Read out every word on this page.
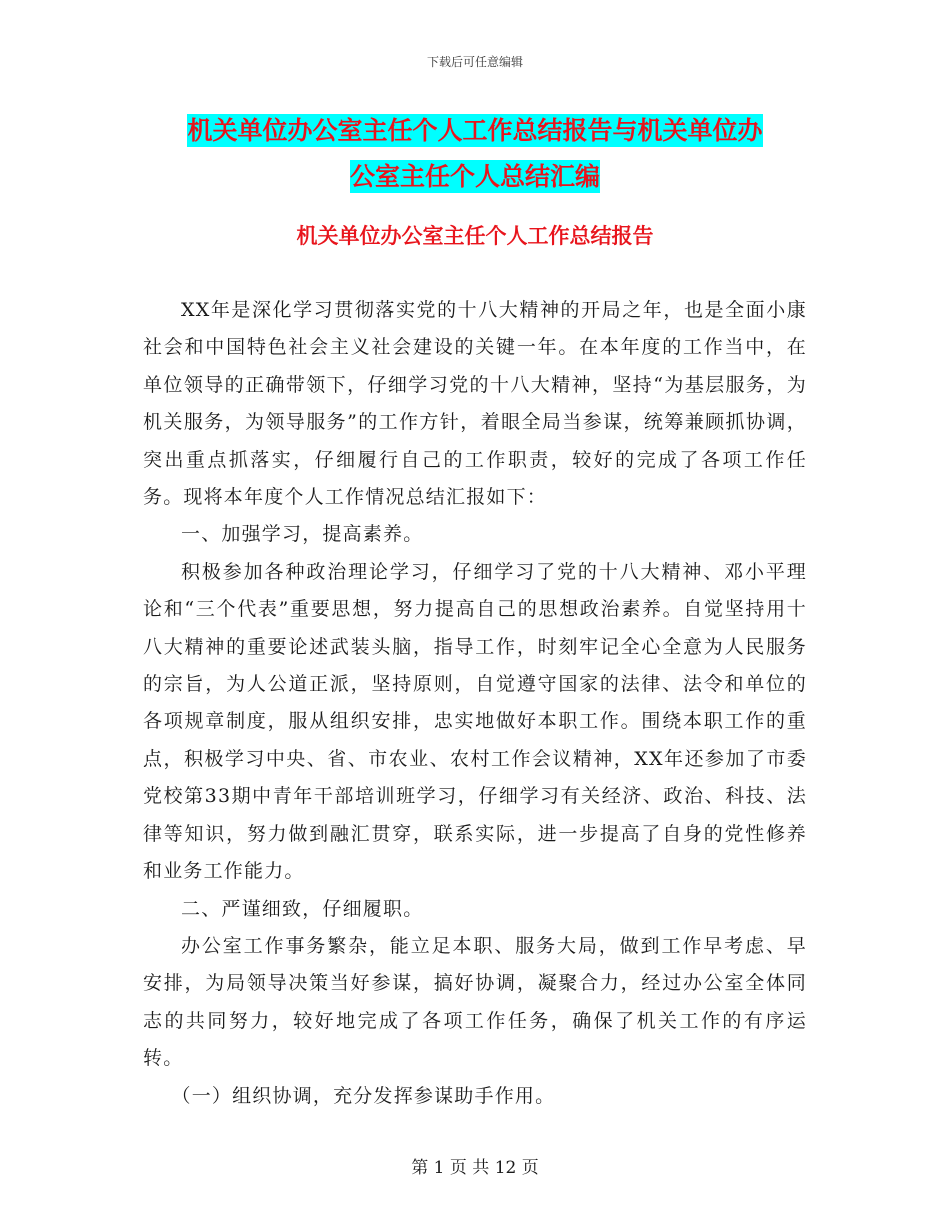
下载后可任意编辑
机关单位办公室主任个人工作总结报告与机关单位办
公室主任个人总结汇编
机关单位办公室主任个人工作总结报告

XX年是深化学习贯彻落实党的十八大精神的开局之年，也是全面小康社会和中国特色社会主义社会建设的关键一年。在本年度的工作当中，在单位领导的正确带领下，仔细学习党的十八大精神，坚持“为基层服务，为机关服务，为领导服务”的工作方针，着眼全局当参谋，统筹兼顾抓协调，突出重点抓落实，仔细履行自己的工作职责，较好的完成了各项工作任务。现将本年度个人工作情况总结汇报如下：

一、加强学习，提高素养。

积极参加各种政治理论学习，仔细学习了党的十八大精神、邓小平理论和“三个代表”重要思想，努力提高自己的思想政治素养。自觉坚持用十八大精神的重要论述武装头脑，指导工作，时刻牢记全心全意为人民服务的宗旨，为人公道正派，坚持原则，自觉遵守国家的法律、法令和单位的各项规章制度，服从组织安排，忠实地做好本职工作。围绕本职工作的重点，积极学习中央、省、市农业、农村工作会议精神，XX年还参加了市委党校第33期中青年干部培训班学习，仔细学习有关经济、政治、科技、法律等知识，努力做到融汇贯穿，联系实际，进一步提高了自身的党性修养和业务工作能力。

二、严谨细致，仔细履职。

办公室工作事务繁杂，能立足本职、服务大局，做到工作早考虑、早安排，为局领导决策当好参谋，搞好协调，凝聚合力，经过办公室全体同志的共同努力，较好地完成了各项工作任务，确保了机关工作的有序运转。

（一）组织协调，充分发挥参谋助手作用。

第 1 页 共 12 页
